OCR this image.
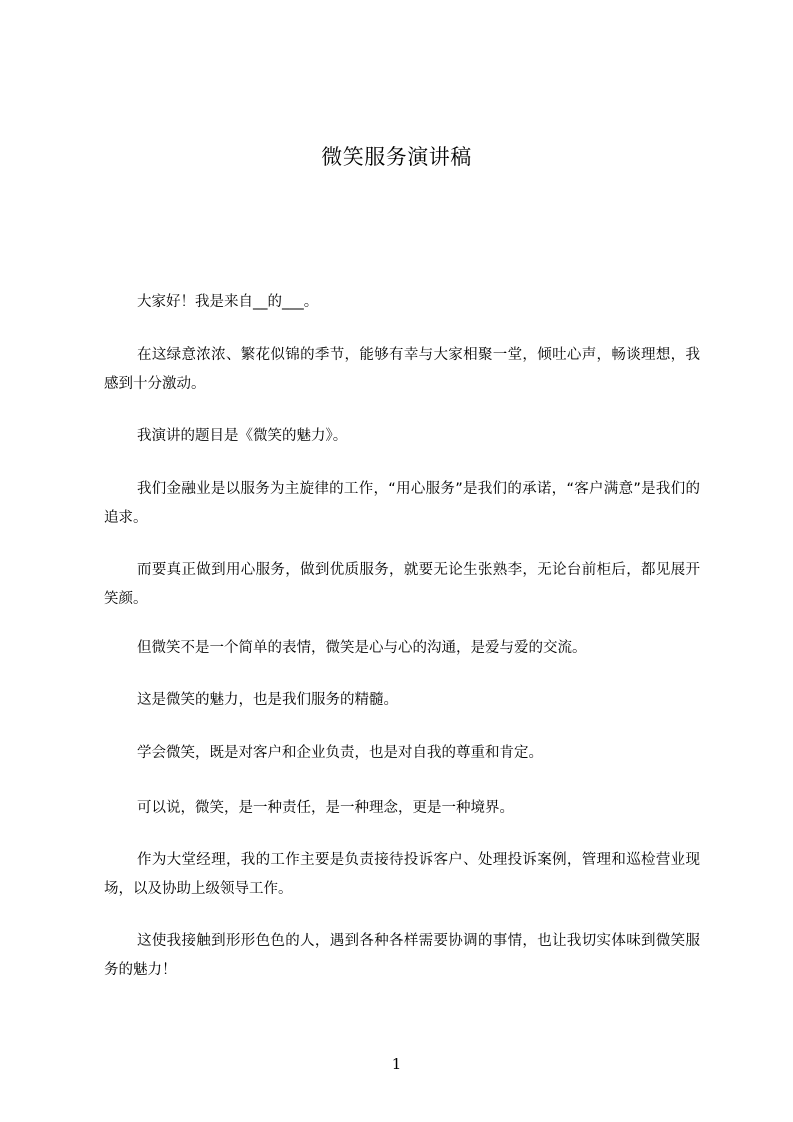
微笑服务演讲稿

大家好！我是来自__的___。

在这绿意浓浓、繁花似锦的季节，能够有幸与大家相聚一堂，倾吐心声，畅谈理想，我感到十分激动。

我演讲的题目是《微笑的魅力》。

我们金融业是以服务为主旋律的工作，“用心服务”是我们的承诺，“客户满意”是我们的追求。

而要真正做到用心服务，做到优质服务，就要无论生张熟李，无论台前柜后，都见展开笑颜。

但微笑不是一个简单的表情，微笑是心与心的沟通，是爱与爱的交流。

这是微笑的魅力，也是我们服务的精髓。

学会微笑，既是对客户和企业负责，也是对自我的尊重和肯定。

可以说，微笑，是一种责任，是一种理念，更是一种境界。

作为大堂经理，我的工作主要是负责接待投诉客户、处理投诉案例，管理和巡检营业现场，以及协助上级领导工作。

这使我接触到形形色色的人，遇到各种各样需要协调的事情，也让我切实体味到微笑服务的魅力！

1
